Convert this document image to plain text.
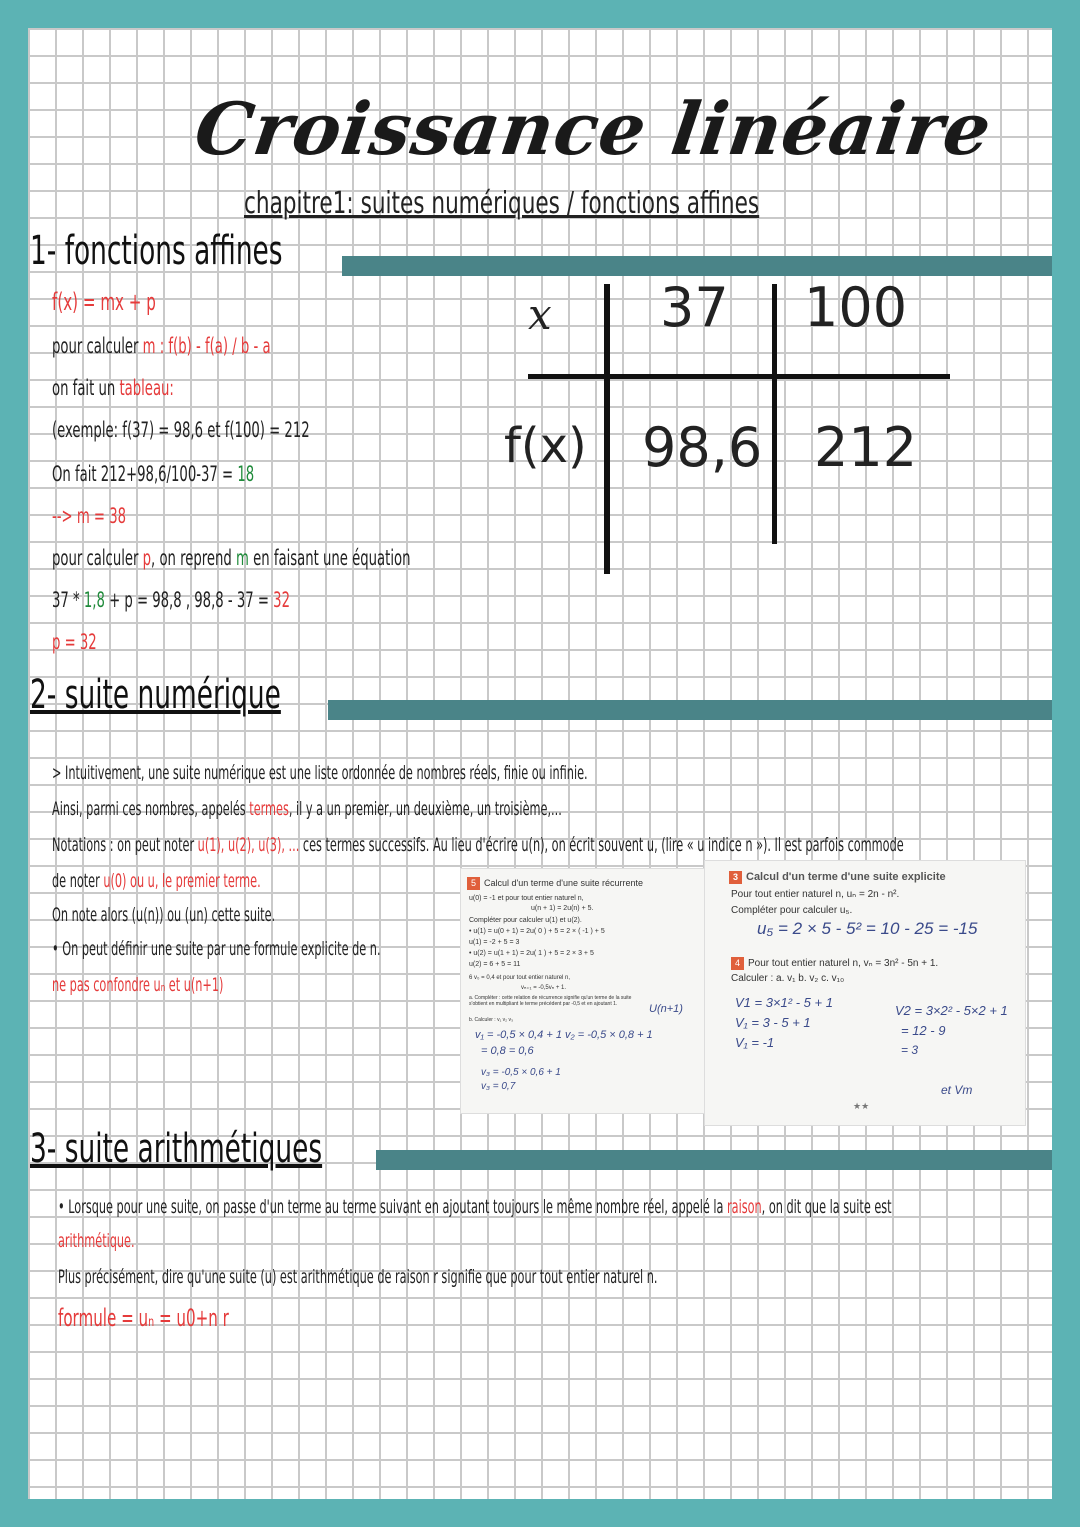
Croissance linéaire
chapitre1: suites numériques / fonctions affines
1- fonctions affines
f(x) = mx + p
pour calculer m : f(b) - f(a) / b - a
on fait un tableau:
(exemple: f(37) = 98,6 et f(100) = 212
On fait 212+98,6/100-37 = 18
--> m = 38
pour calculer p, on reprend m en faisant une équation
37 * 1,8 + p = 98,8 , 98,8 - 37 = 32
p = 32
x 37 100
f(x) 98,6 212
2- suite numérique
> Intuitivement, une suite numérique est une liste ordonnée de nombres réels, finie ou infinie.
Ainsi, parmi ces nombres, appelés termes, il y a un premier, un deuxième, un troisième,...
Notations : on peut noter u(1), u(2), u(3), ... ces termes successifs. Au lieu d'écrire u(n), on écrit souvent u, (lire « u indice n »). Il est parfois commode
de noter u(0) ou u, le premier terme.
On note alors (u(n)) ou (un) cette suite.
• On peut définir une suite par une formule explicite de n.
ne pas confondre uₙ et u(n+1)
5 Calcul d'un terme d'une suite récurrente
u(0) = -1 et pour tout entier naturel n,
u(n + 1) = 2u(n) + 5.
Compléter pour calculer u(1) et u(2).
• u(1) = u(0 + 1) = 2u( 0 ) + 5 = 2 × ( -1 ) + 5
u(1) = -2 + 5 = 3
• u(2) = u(1 + 1) = 2u( 1 ) + 5 = 2 × 3 + 5
u(2) = 6 + 5 = 11
6 v₀ = 0,4 et pour tout entier naturel n,
vₙ₊₁ = -0,5vₙ + 1.
a. Compléter : cette relation de récurrence signifie qu'un terme de la suite s'obtient en multipliant le terme précédent par -0,5 et en ajoutant 1.
b. Calculer : v₁ v₂ v₃
v₁ = -0,5 × 0,4 + 1 v₂ = -0,5 × 0,8 + 1
= 0,8 = 0,6
v₃ = -0,5 × 0,6 + 1
v₃ = 0,7
U(n+1)
3 Calcul d'un terme d'une suite explicite
Pour tout entier naturel n, uₙ = 2n - n².
Compléter pour calculer u₅.
u₅ = 2 × 5 - 5² = 10 - 25 = -15
4 Pour tout entier naturel n, vₙ = 3n² - 5n + 1.
Calculer : a. v₁ b. v₂ c. v₁₀
V1 = 3×1² - 5 + 1
V₁ = 3 - 5 + 1
V₁ = -1
V2 = 3×2² - 5×2 + 1
= 12 - 9
= 3
et Vm
★★
3- suite arithmétiques
• Lorsque pour une suite, on passe d'un terme au terme suivant en ajoutant toujours le même nombre réel, appelé la raison, on dit que la suite est
arithmétique.
Plus précisément, dire qu'une suite (u) est arithmétique de raison r signifie que pour tout entier naturel n.
formule = uₙ = u0+n r
